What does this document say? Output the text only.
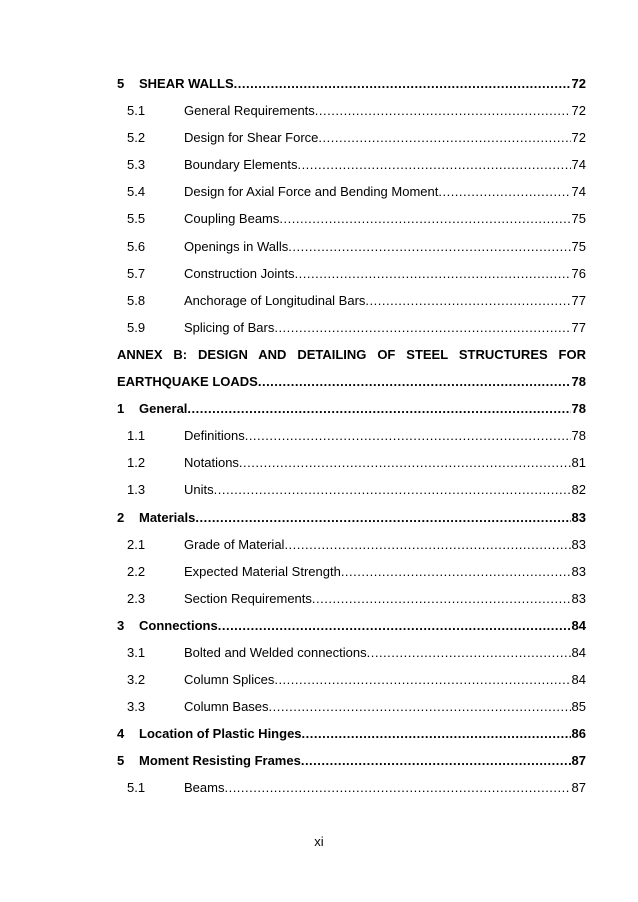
5	SHEAR WALLS .....	72
5.1	General Requirements .....	72
5.2	Design for Shear Force .....	72
5.3	Boundary Elements .....	74
5.4	Design for Axial Force and Bending Moment .....	74
5.5	Coupling Beams .....	75
5.6	Openings in Walls .....	75
5.7	Construction Joints .....	76
5.8	Anchorage of Longitudinal Bars .....	77
5.9	Splicing of Bars .....	77
ANNEX B: DESIGN AND DETAILING OF STEEL STRUCTURES FOR
EARTHQUAKE LOADS .....	78
1	General .....	78
1.1	Definitions .....	78
1.2	Notations .....	81
1.3	Units .....	82
2	Materials .....	83
2.1	Grade of Material .....	83
2.2	Expected Material Strength .....	83
2.3	Section Requirements .....	83
3	Connections .....	84
3.1	Bolted and Welded connections .....	84
3.2	Column Splices .....	84
3.3	Column Bases .....	85
4	Location of Plastic Hinges .....	86
5	Moment Resisting Frames .....	87
5.1	Beams .....	87
xi
